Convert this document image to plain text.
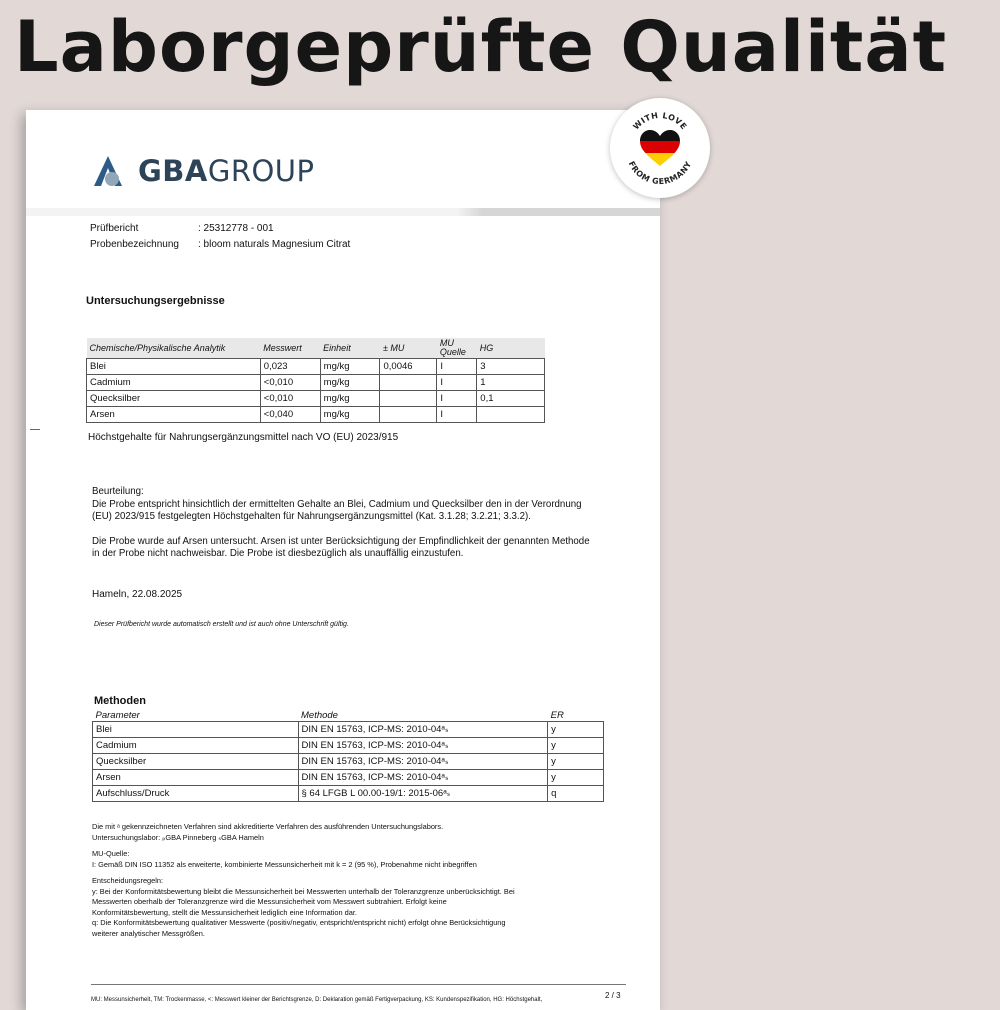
Laborgeprüfte Qualität
GBAGROUP
Prüfbericht	: 25312778 - 001
Probenbezeichnung : bloom naturals Magnesium Citrat
Untersuchungsergebnisse
Chemische/Physikalische Analytik	Messwert	Einheit	± MU	MU Quelle	HG
Blei	0,023	mg/kg	0,0046	I	3
Cadmium	<0,010	mg/kg		I	1
Quecksilber	<0,010	mg/kg		I	0,1
Arsen	<0,040	mg/kg		I	
Höchstgehalte für Nahrungsergänzungsmittel nach VO (EU) 2023/915
Beurteilung:
Die Probe entspricht hinsichtlich der ermittelten Gehalte an Blei, Cadmium und Quecksilber den in der Verordnung
(EU) 2023/915 festgelegten Höchstgehalten für Nahrungsergänzungsmittel (Kat. 3.1.28; 3.2.21; 3.3.2).
Die Probe wurde auf Arsen untersucht. Arsen ist unter Berücksichtigung der Empfindlichkeit der genannten Methode
in der Probe nicht nachweisbar. Die Probe ist diesbezüglich als unauffällig einzustufen.
Hameln, 22.08.2025
Dieser Prüfbericht wurde automatisch erstellt und ist auch ohne Unterschrift gültig.
Methoden
Parameter	Methode	ER
Blei	DIN EN 15763, ICP-MS: 2010-04ᵃₛ	y
Cadmium	DIN EN 15763, ICP-MS: 2010-04ᵃₛ	y
Quecksilber	DIN EN 15763, ICP-MS: 2010-04ᵃₛ	y
Arsen	DIN EN 15763, ICP-MS: 2010-04ᵃₛ	y
Aufschluss/Druck	§ 64 LFGB L 00.00-19/1: 2015-06ᵃₛ	q
Die mit ᵃ gekennzeichneten Verfahren sind akkreditierte Verfahren des ausführenden Untersuchungslabors.
Untersuchungslabor: ₚGBA Pinneberg ₛGBA Hameln
MU-Quelle:
I: Gemäß DIN ISO 11352 als erweiterte, kombinierte Messunsicherheit mit k = 2 (95 %), Probenahme nicht inbegriffen
Entscheidungsregeln:
y: Bei der Konformitätsbewertung bleibt die Messunsicherheit bei Messwerten unterhalb der Toleranzgrenze unberücksichtigt. Bei
Messwerten oberhalb der Toleranzgrenze wird die Messunsicherheit vom Messwert subtrahiert. Erfolgt keine
Konformitätsbewertung, stellt die Messunsicherheit lediglich eine Information dar.
q: Die Konformitätsbewertung qualitativer Messwerte (positiv/negativ, entspricht/entspricht nicht) erfolgt ohne Berücksichtigung
weiterer analytischer Messgrößen.
MU: Messunsicherheit, TM: Trockenmasse, <: Messwert kleiner der Berichtsgrenze, D: Deklaration gemäß Fertigverpackung, KS: Kundenspezifikation, HG: Höchstgehalt,	2 / 3
WITH LOVE
FROM GERMANY
